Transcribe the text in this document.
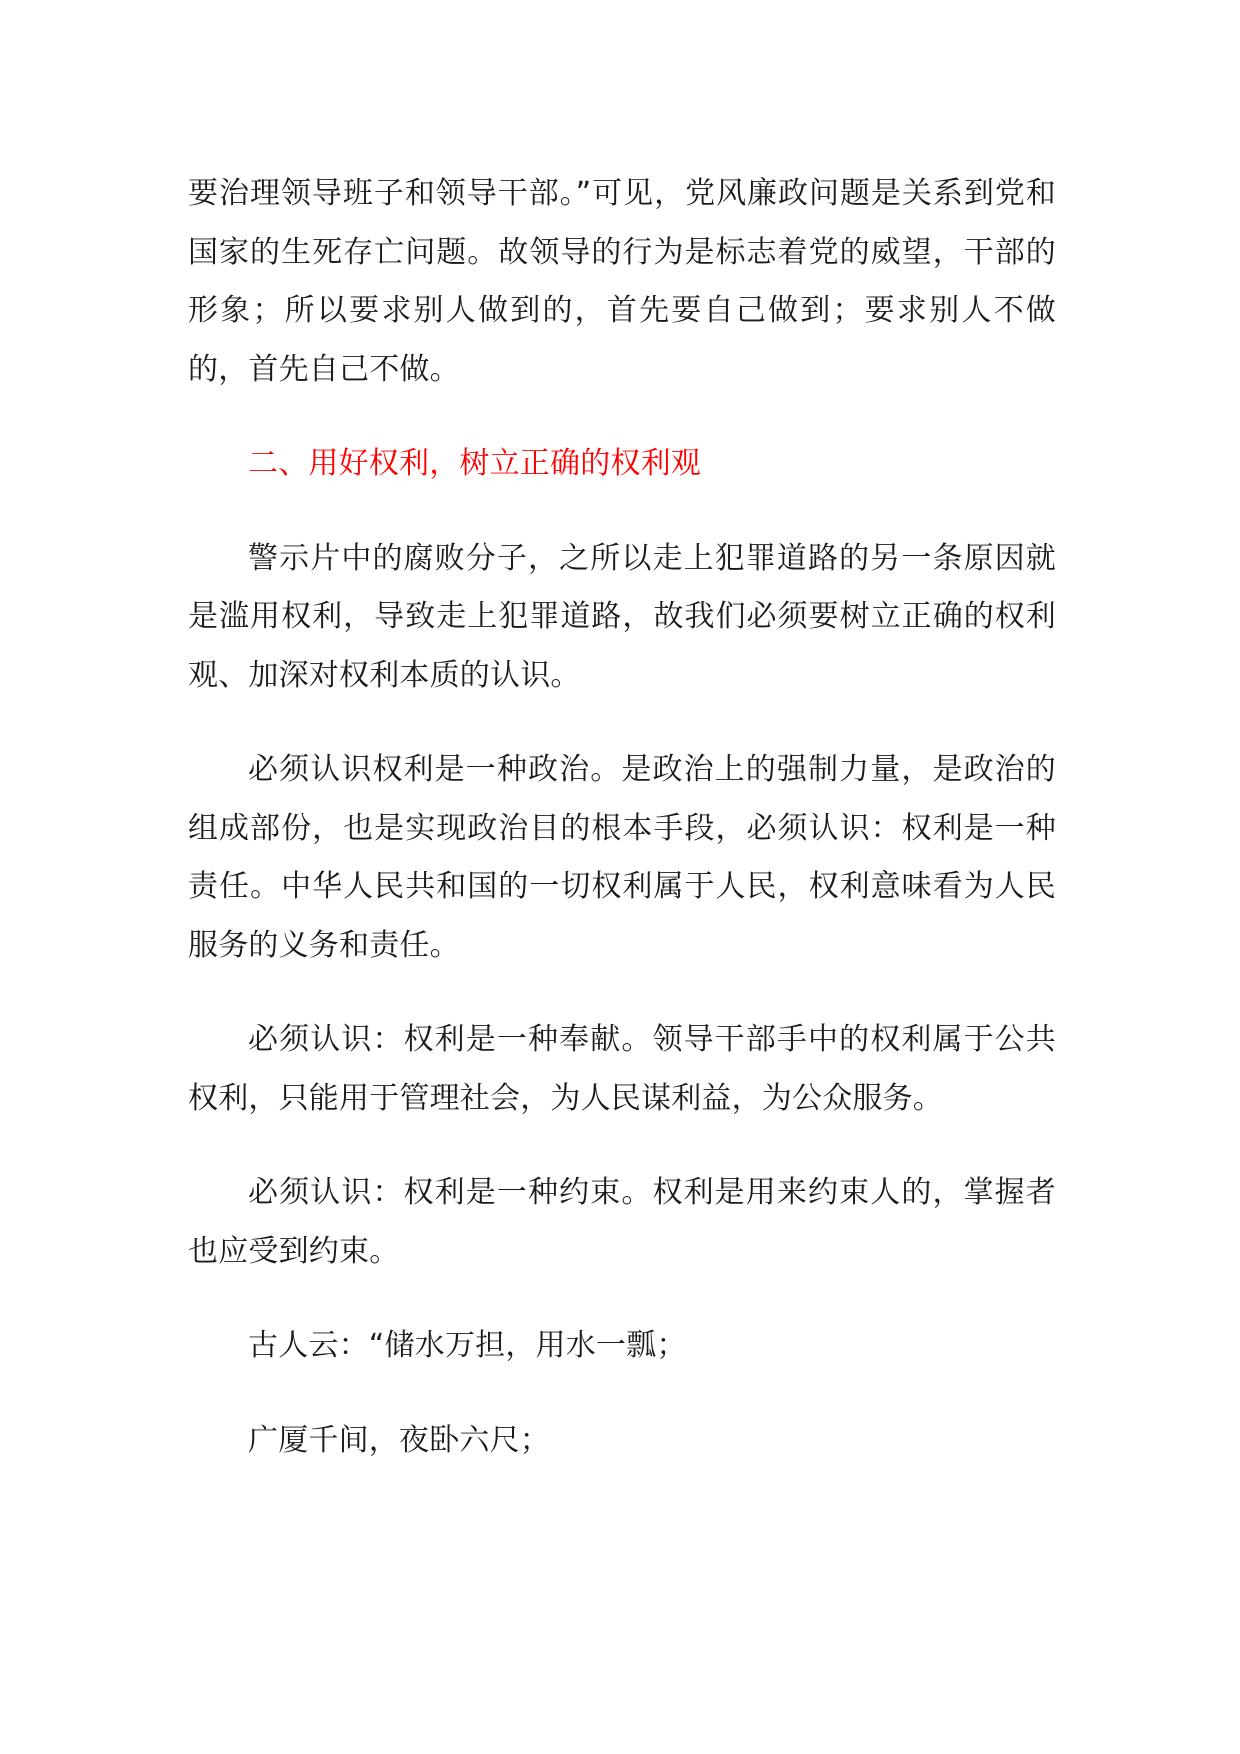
要治理领导班子和领导干部。”可见，党风廉政问题是关系到党和国家的生死存亡问题。故领导的行为是标志着党的威望，干部的形象；所以要求别人做到的，首先要自己做到；要求别人不做的，首先自己不做。

二、用好权利，树立正确的权利观

警示片中的腐败分子，之所以走上犯罪道路的另一条原因就是滥用权利，导致走上犯罪道路，故我们必须要树立正确的权利观、加深对权利本质的认识。

必须认识权利是一种政治。是政治上的强制力量，是政治的组成部份，也是实现政治目的根本手段，必须认识：权利是一种责任。中华人民共和国的一切权利属于人民，权利意味看为人民服务的义务和责任。

必须认识：权利是一种奉献。领导干部手中的权利属于公共权利，只能用于管理社会，为人民谋利益，为公众服务。

必须认识：权利是一种约束。权利是用来约束人的，掌握者也应受到约束。

古人云：“储水万担，用水一瓢；

广厦千间，夜卧六尺；
